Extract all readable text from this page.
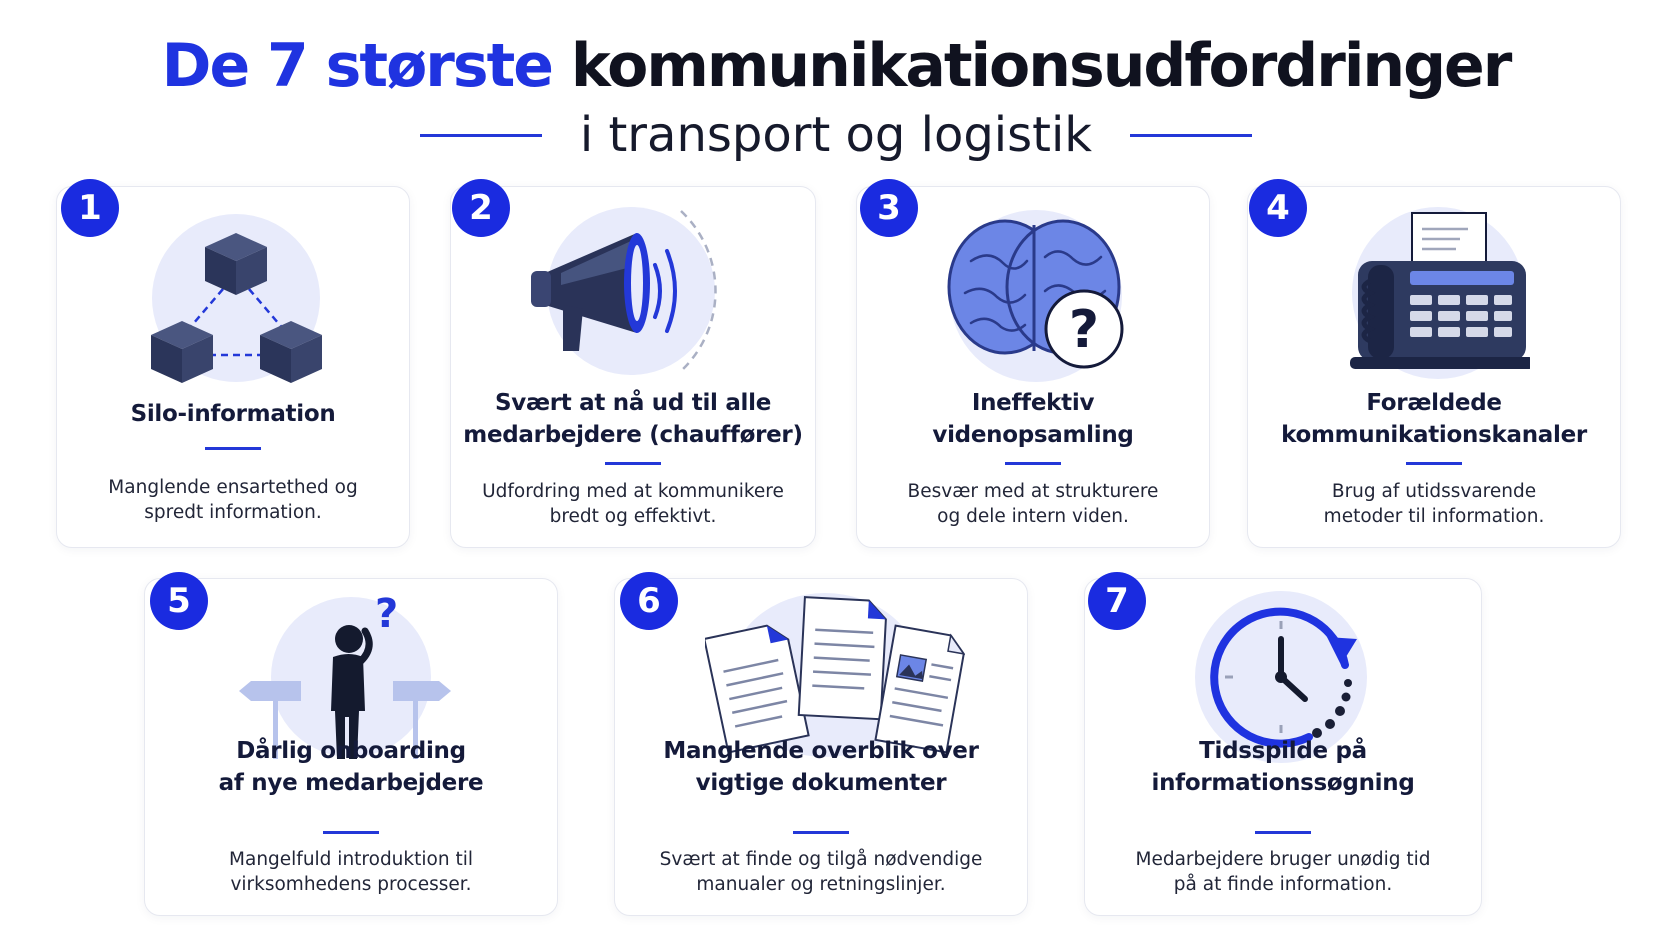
De 7 største kommunikationsudfordringer
i transport og logistik
Silo-information
Manglende ensartethed og
spredt information.
1
Svært at nå ud til alle
medarbejdere (chauffører)
Udfordring med at kommunikere
bredt og effektivt.
2
?
Ineffektiv
videnopsamling
Besvær med at strukturere
og dele intern viden.
3
Forældede
kommunikationskanaler
Brug af utidssvarende
metoder til information.
4
?
Dårlig onboarding
af nye medarbejdere
Mangelfuld introduktion til
virksomhedens processer.
5
Manglende overblik over
vigtige dokumenter
Svært at finde og tilgå nødvendige
manualer og retningslinjer.
6
Tidsspilde på
informationssøgning
Medarbejdere bruger unødig tid
på at finde information.
7
